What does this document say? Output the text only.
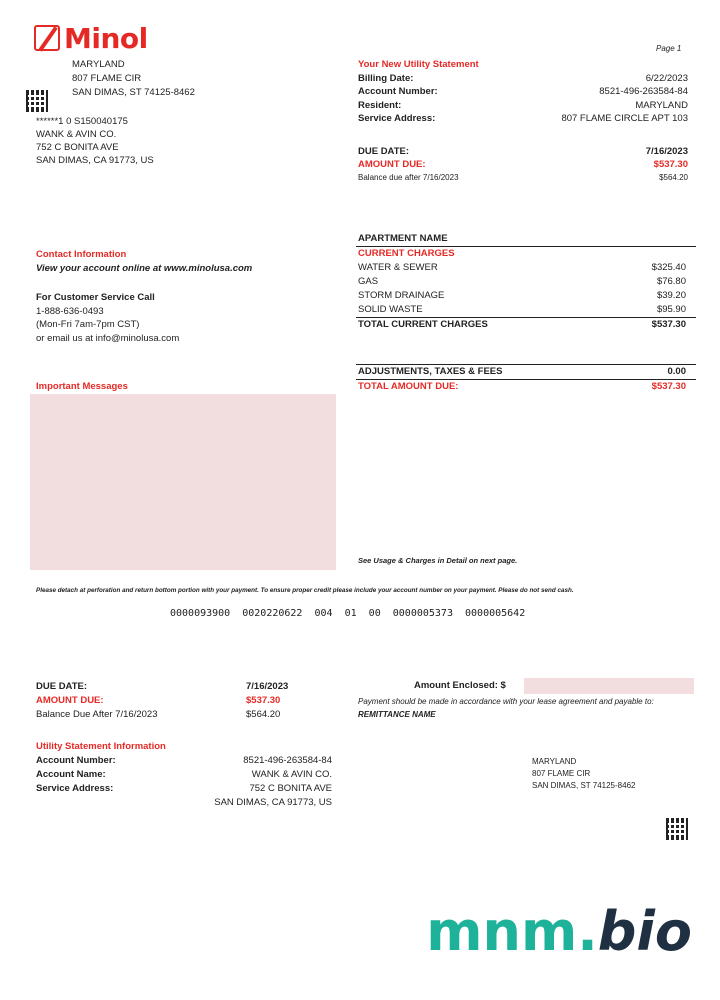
Minol	Page 1
MARYLAND
807 FLAME CIR
SAN DIMAS, ST 74125-8462
******1 0 S150040175
WANK & AVIN CO.
752 C BONITA AVE
SAN DIMAS, CA 91773, US
Your New Utility Statement
Billing Date:	6/22/2023
Account Number:	8521-496-263584-84
Resident:	MARYLAND
Service Address:	807 FLAME CIRCLE APT 103
DUE DATE:	7/16/2023
AMOUNT DUE:	$537.30
Balance due after 7/16/2023	$564.20
Contact Information
View your account online at www.minolusa.com
For Customer Service Call
1-888-636-0493
(Mon-Fri 7am-7pm CST)
or email us at info@minolusa.com
Important Messages
APARTMENT NAME
CURRENT CHARGES
WATER & SEWER	$325.40
GAS	$76.80
STORM DRAINAGE	$39.20
SOLID WASTE	$95.90
TOTAL CURRENT CHARGES	$537.30
ADJUSTMENTS, TAXES & FEES	0.00
TOTAL AMOUNT DUE:	$537.30
See Usage & Charges in Detail on next page.
Please detach at perforation and return bottom portion with your payment. To ensure proper credit please include your account number on your payment. Please do not send cash.
0000093900  0020220622  004  01  00  0000005373  0000005642
DUE DATE:	7/16/2023
AMOUNT DUE:	$537.30
Balance Due After 7/16/2023	$564.20
Amount Enclosed: $
Payment should be made in accordance with your lease agreement and payable to: REMITTANCE NAME
Utility Statement Information
Account Number:	8521-496-263584-84
Account Name:	WANK & AVIN CO.
Service Address:	752 C BONITA AVE
SAN DIMAS, CA 91773, US
MARYLAND
807 FLAME CIR
SAN DIMAS, ST 74125-8462
mnm.bio
